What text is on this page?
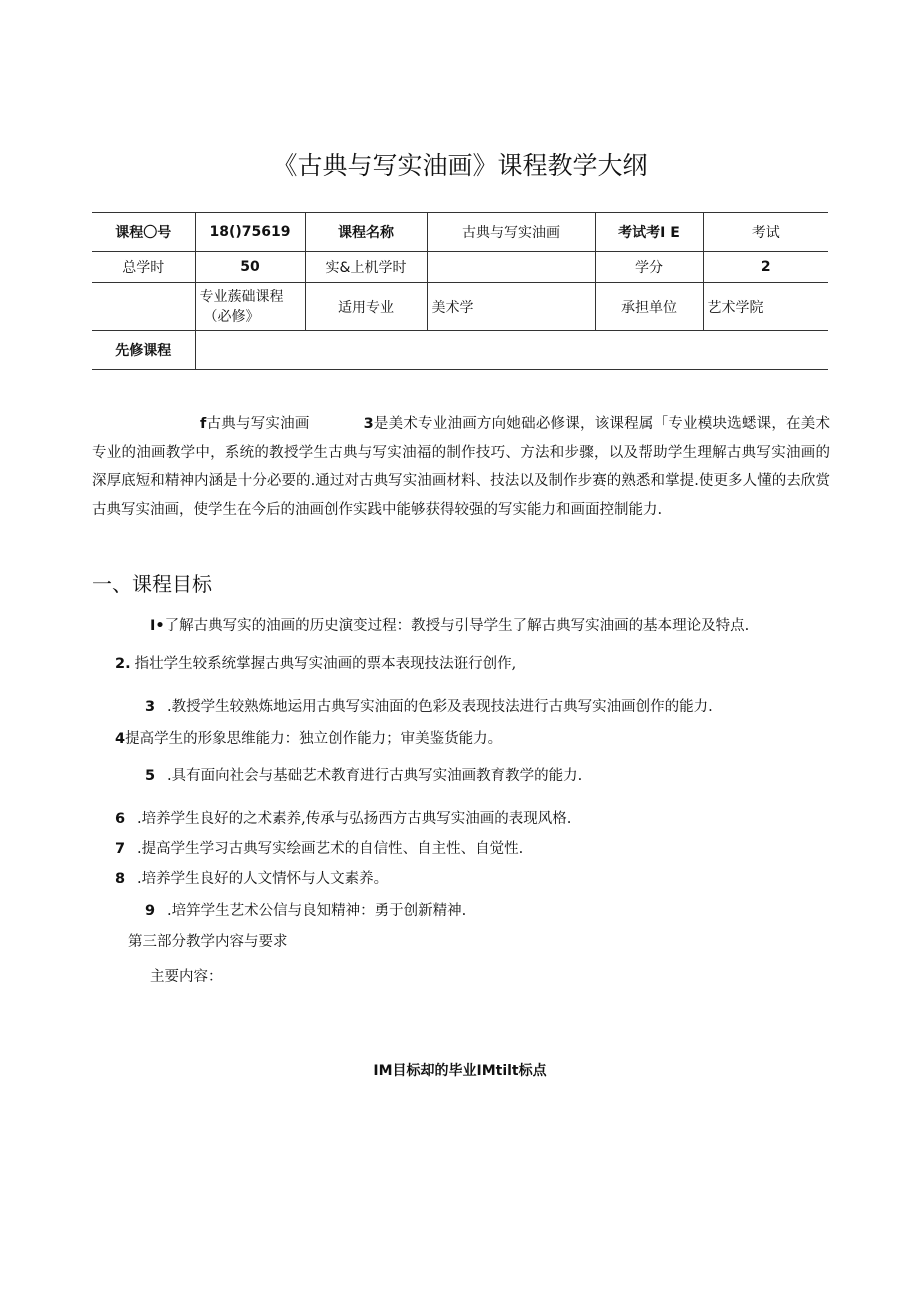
《古典与写实油画》课程教学大纲
课程〇号	18()75619	课程名称	古典与写实油画	考试考I E	考试
总学时	50	实&上机学时		学分	2

	专业蔟础课程
（必修》	适用专业	美术学	承担单位	艺术学院
先修课程					
f古典与写实油画	3是美术专业油画方向她础必修课，该课程属「专业模块选蟋课，在美术专业的油画教学中，系统的教授学生古典与写实油福的制作技巧、方法和步骤，以及帮助学生理解古典写实油画的深厚底短和精神内涵是十分必要的.通过对古典写实油画材料、技法以及制作步赛的熟悉和掌提.使更多人懂的去欣赏古典写实油画，使学生在今后的油画创作实践中能够获得较强的写实能力和画面控制能力.
一、课程目标
I•了解古典写实的油画的历史演变过程：教授与引导学生了解古典写实油画的基本理论及特点.
2. 指壮学生较系统掌握古典写实油画的票本表现技法诳行创作,
3 .教授学生较熟炼地运用古典写实油面的色彩及表现技法进行古典写实油画创作的能力.
4提高学生的形象思维能力：独立创作能力；审美鉴货能力。
5 .具有面向社会与基础艺术教育进行古典写实油画教育教学的能力.
6 .培养学生良好的之术素养,传承与弘扬西方古典写实油画的表现风格.
7 .提高学生学习古典写实绘画艺术的自信性、自主性、自觉性.
8 .培养学生良好的人文情怀与人文素养。
9 .培笄学生艺术公信与良知精神：勇于创新精神.
第三部分教学内容与要求
主要内容：
IM目标却的毕业IMtilt标点
